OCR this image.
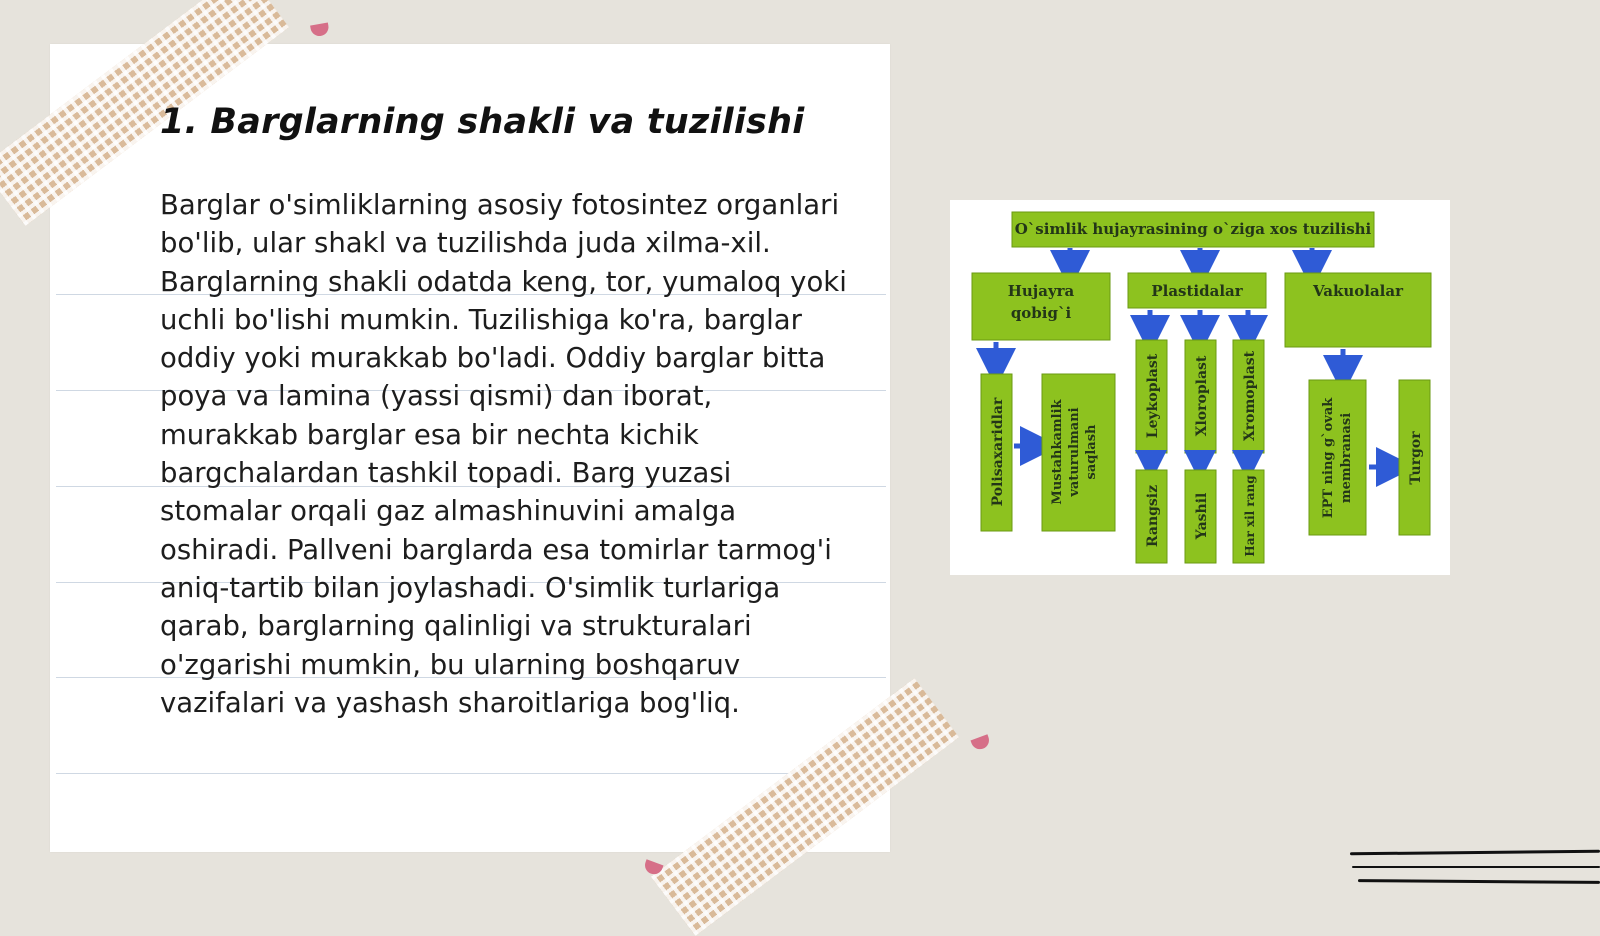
1. Barglarning shakli va tuzilishi

Barglar o'simliklarning asosiy fotosintez organlari bo'lib, ular shakl va tuzilishda juda xilma-xil. Barglarning shakli odatda keng, tor, yumaloq yoki uchli bo'lishi mumkin. Tuzilishiga ko'ra, barglar oddiy yoki murakkab bo'ladi. Oddiy barglar bitta poya va lamina (yassi qismi) dan iborat, murakkab barglar esa bir nechta kichik bargchalardan tashkil topadi. Barg yuzasi stomalar orqali gaz almashinuvini amalga oshiradi. Pallveni barglarda esa tomirlar tarmog'i aniq-tartib bilan joylashadi. O'simlik turlariga qarab, barglarning qalinligi va strukturalari o'zgarishi mumkin, bu ularning boshqaruv vazifalari va yashash sharoitlariga bog'liq.

O`simlik hujayrasining o`ziga xos tuzilishi
Hujayra
qobig`i
Plastidalar	Vakuolalar
Polisaxaridlar	Mustahkamlik vaturulmani saqlash
Leykoplast Xloroplast Xromoplast
Rangsiz Yashil	Har xil rang	EPT ning g`ovak membranasi	Turgor
